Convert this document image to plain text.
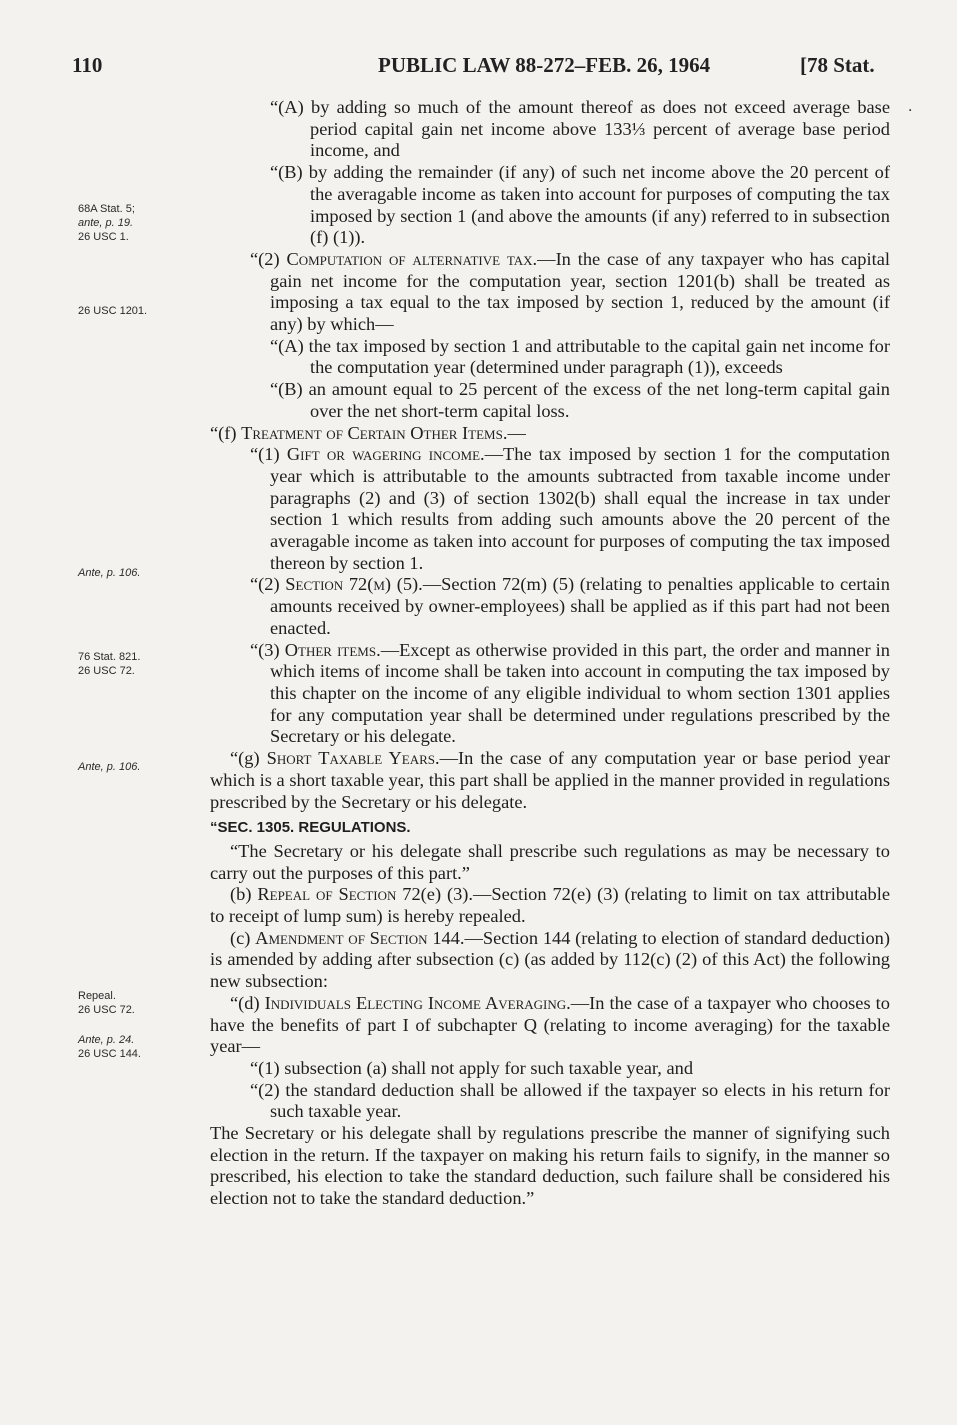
110	PUBLIC LAW 88-272–FEB. 26, 1964	[78 Stat.
·
68A Stat. 5;
ante, p. 19.
26 USC 1.
26 USC 1201.
Ante, p. 106.
76 Stat. 821.
26 USC 72.
Ante, p. 106.
Repeal.
26 USC 72.
Ante, p. 24.
26 USC 144.

“(A) by adding so much of the amount thereof as does not exceed average base period capital gain net income above 133⅓ percent of average base period income, and

“(B) by adding the remainder (if any) of such net income above the 20 percent of the averagable income as taken into account for purposes of computing the tax imposed by section 1 (and above the amounts (if any) referred to in subsection (f) (1)).

“(2) Computation of alternative tax.—In the case of any taxpayer who has capital gain net income for the computation year, section 1201(b) shall be treated as imposing a tax equal to the tax imposed by section 1, reduced by the amount (if any) by which—

“(A) the tax imposed by section 1 and attributable to the capital gain net income for the computation year (determined under paragraph (1)), exceeds

“(B) an amount equal to 25 percent of the excess of the net long-term capital gain over the net short-term capital loss.

“(f) Treatment of Certain Other Items.—

“(1) Gift or wagering income.—The tax imposed by section 1 for the computation year which is attributable to the amounts subtracted from taxable income under paragraphs (2) and (3) of section 1302(b) shall equal the increase in tax under section 1 which results from adding such amounts above the 20 percent of the averagable income as taken into account for purposes of computing the tax imposed thereon by section 1.

“(2) Section 72(m) (5).—Section 72(m) (5) (relating to penalties applicable to certain amounts received by owner-employees) shall be applied as if this part had not been enacted.

“(3) Other items.—Except as otherwise provided in this part, the order and manner in which items of income shall be taken into account in computing the tax imposed by this chapter on the income of any eligible individual to whom section 1301 applies for any computation year shall be determined under regulations prescribed by the Secretary or his delegate.

“(g) Short Taxable Years.—In the case of any computation year or base period year which is a short taxable year, this part shall be applied in the manner provided in regulations prescribed by the Secretary or his delegate.

“SEC. 1305. REGULATIONS.

“The Secretary or his delegate shall prescribe such regulations as may be necessary to carry out the purposes of this part.”

(b) Repeal of Section 72(e) (3).—Section 72(e) (3) (relating to limit on tax attributable to receipt of lump sum) is hereby repealed.

(c) Amendment of Section 144.—Section 144 (relating to election of standard deduction) is amended by adding after subsection (c) (as added by 112(c) (2) of this Act) the following new subsection:

“(d) Individuals Electing Income Averaging.—In the case of a taxpayer who chooses to have the benefits of part I of subchapter Q (relating to income averaging) for the taxable year—

“(1) subsection (a) shall not apply for such taxable year, and

“(2) the standard deduction shall be allowed if the taxpayer so elects in his return for such taxable year.

The Secretary or his delegate shall by regulations prescribe the manner of signifying such election in the return. If the taxpayer on making his return fails to signify, in the manner so prescribed, his election to take the standard deduction, such failure shall be considered his election not to take the standard deduction.”
